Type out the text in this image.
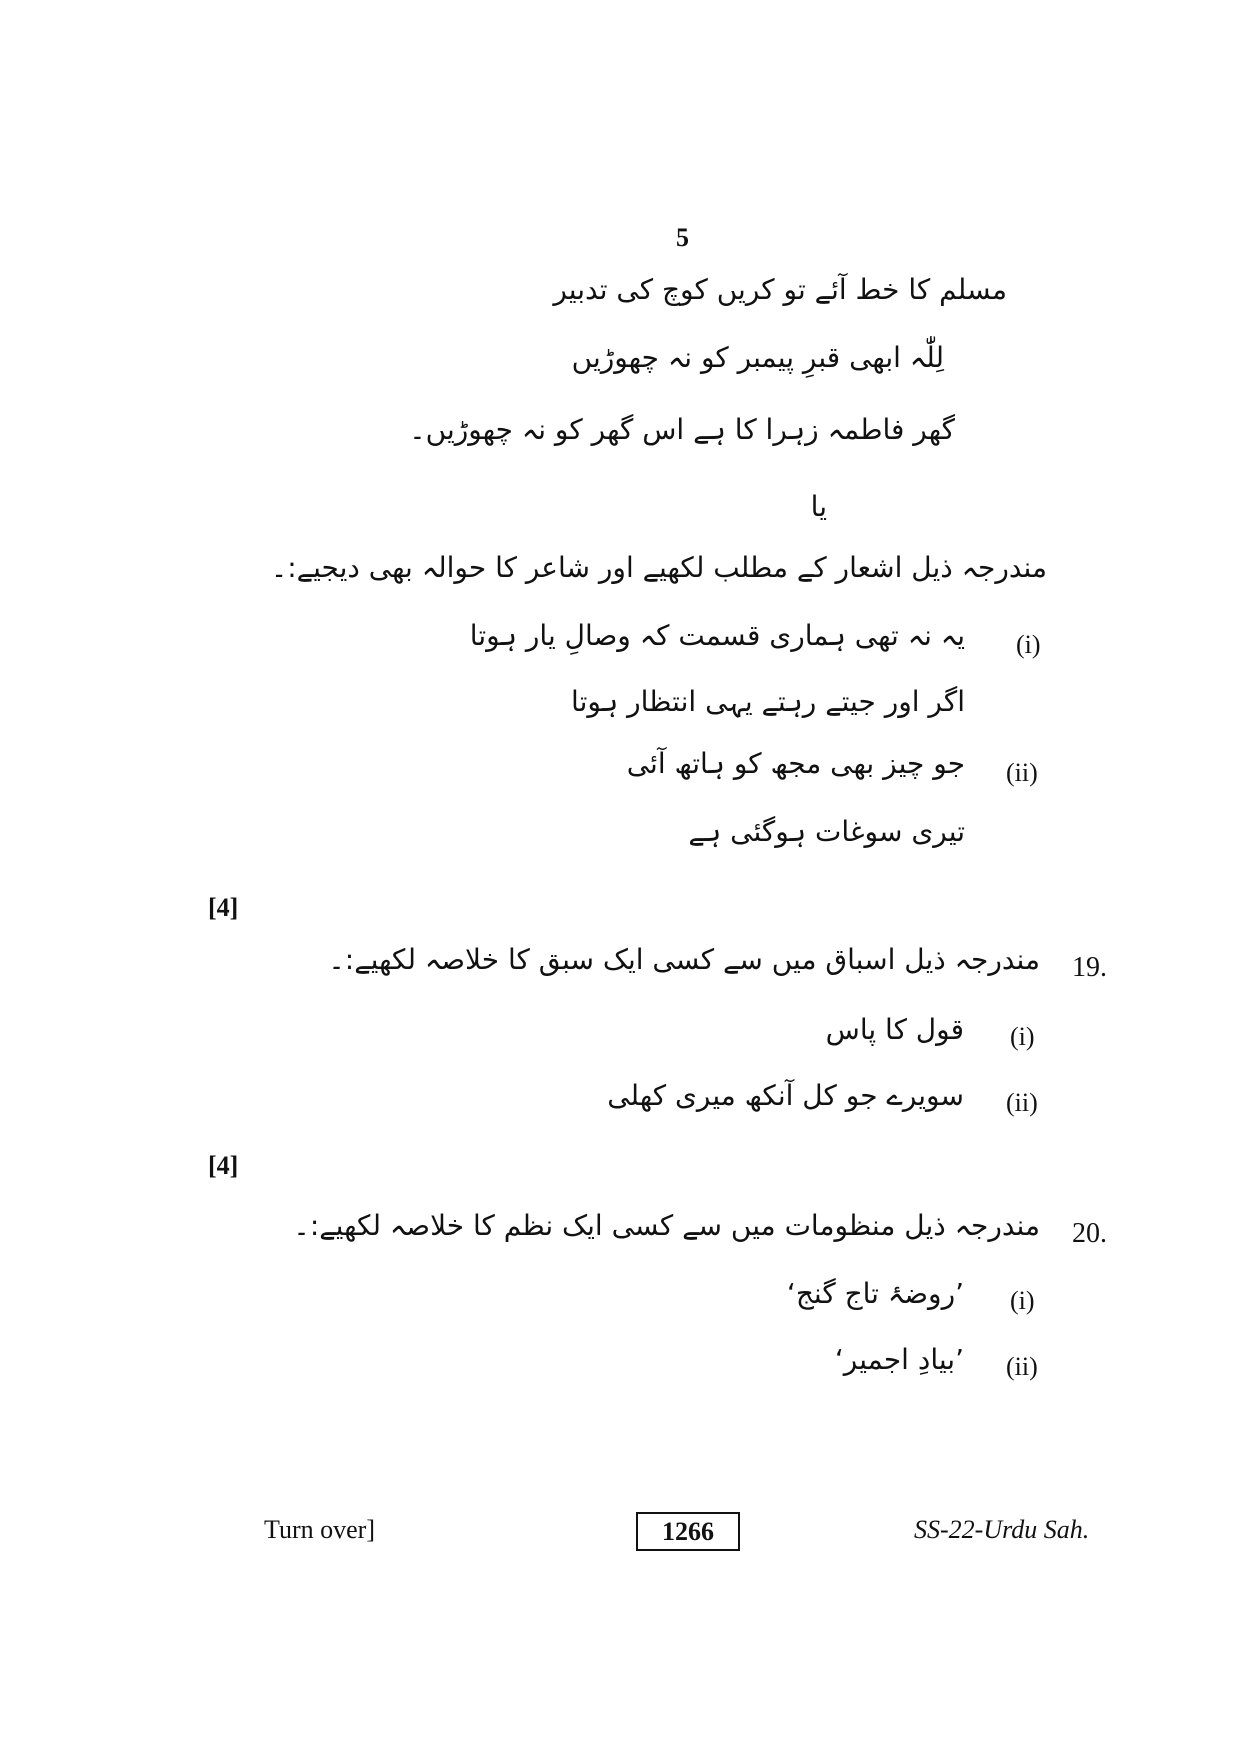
5
مسلم کا خط آئے تو کریں کوچ کی تدبیر
لِلّٰہ ابھی قبرِ پیمبر کو نہ چھوڑیں
گھر فاطمہ زہرا کا ہے اس گھر کو نہ چھوڑیں۔
یا
مندرجہ ذیل اشعار کے مطلب لکھیے اور شاعر کا حوالہ بھی دیجیے:۔
(i)
یہ نہ تھی ہماری قسمت کہ وصالِ یار ہوتا
اگر اور جیتے رہتے یہی انتظار ہوتا
(ii)
جو چیز بھی مجھ کو ہاتھ آئی
تیری سوغات ہوگئی ہے
[4]
19.
مندرجہ ذیل اسباق میں سے کسی ایک سبق کا خلاصہ لکھیے:۔
(i)
قول کا پاس
(ii)
سویرے جو کل آنکھ میری کھلی
[4]
20.
مندرجہ ذیل منظومات میں سے کسی ایک نظم کا خلاصہ لکھیے:۔
(i)
’روضۂ تاج گنج‘
(ii)
’بیادِ اجمیر‘
Turn over]	1266	SS-22-Urdu Sah.
